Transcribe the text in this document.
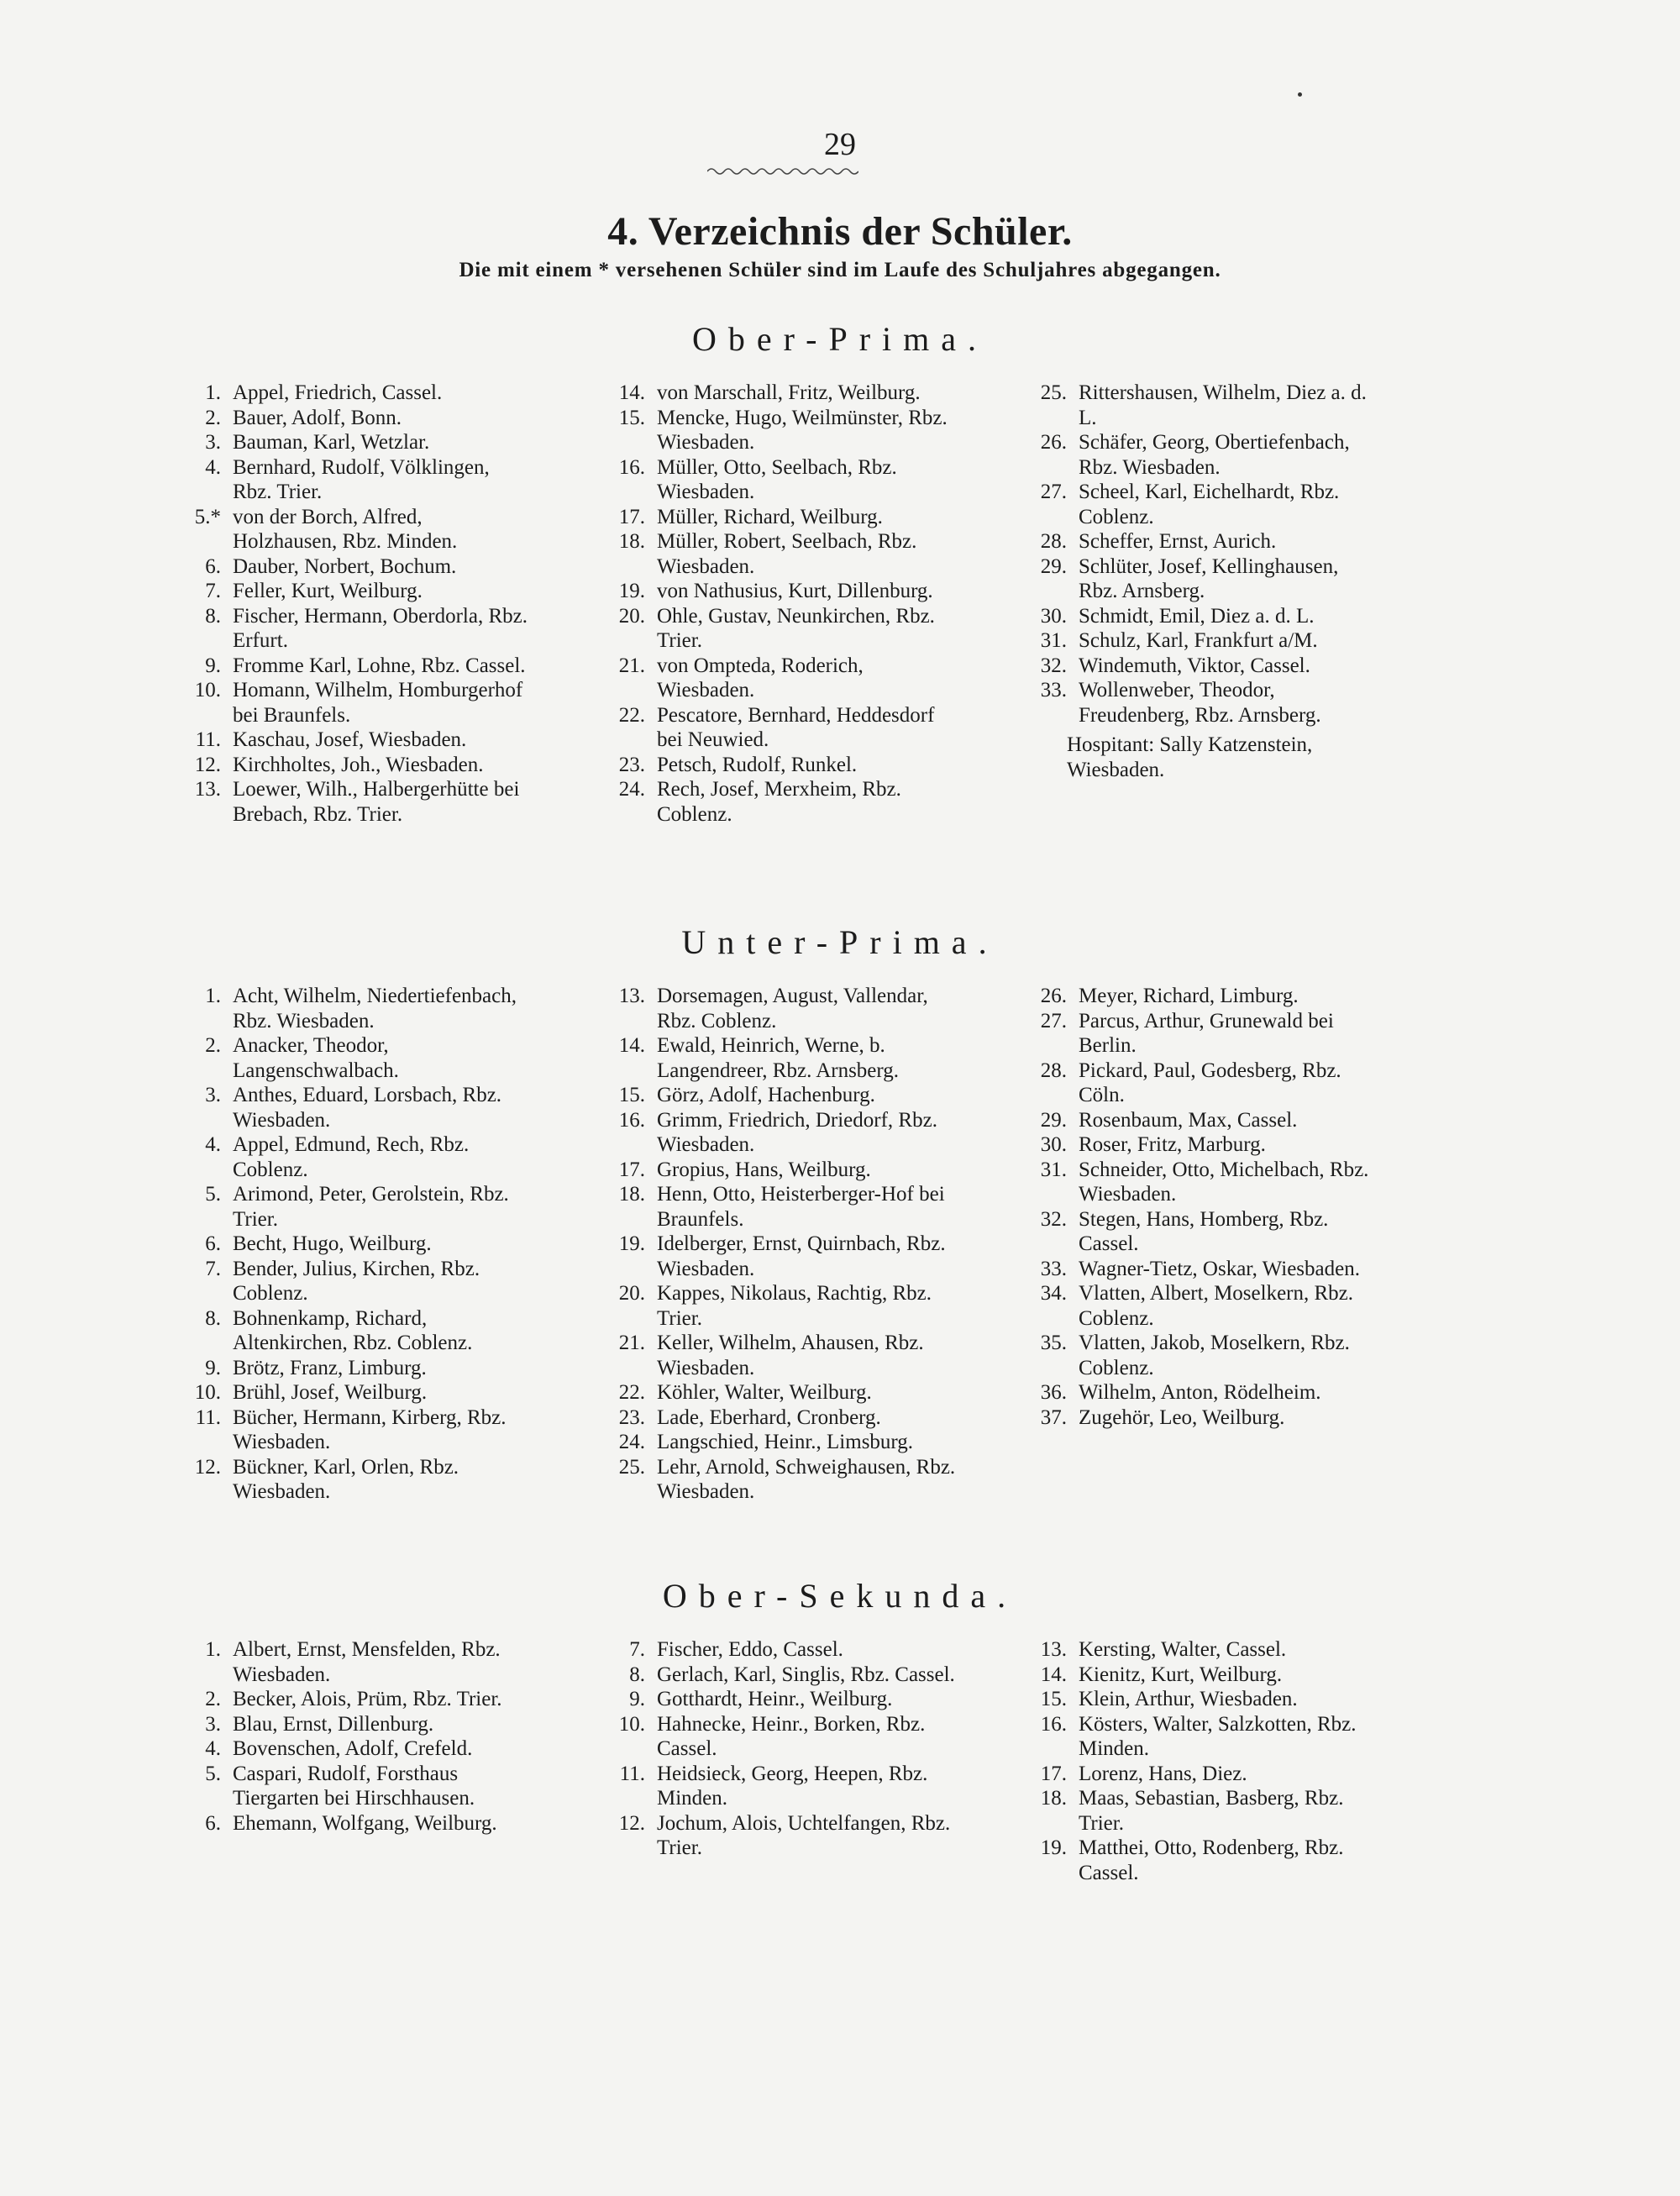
29
4. Verzeichnis der Schüler.
Die mit einem * versehenen Schüler sind im Laufe des Schuljahres abgegangen.
Ober-Prima.
1. Appel, Friedrich, Cassel.
2. Bauer, Adolf, Bonn.
3. Bauman, Karl, Wetzlar.
4. Bernhard, Rudolf, Völklingen, Rbz. Trier.
5.* von der Borch, Alfred, Holzhausen, Rbz. Minden.
6. Dauber, Norbert, Bochum.
7. Feller, Kurt, Weilburg.
8. Fischer, Hermann, Oberdorla, Rbz. Erfurt.
9. Fromme Karl, Lohne, Rbz. Cassel.
10. Homann, Wilhelm, Homburgerhof bei Braunfels.
11. Kaschau, Josef, Wiesbaden.
12. Kirchholtes, Joh., Wiesbaden.
13. Loewer, Wilh., Halbergerhütte bei Brebach, Rbz. Trier.
14. von Marschall, Fritz, Weilburg.
15. Mencke, Hugo, Weilmünster, Rbz. Wiesbaden.
16. Müller, Otto, Seelbach, Rbz. Wiesbaden.
17. Müller, Richard, Weilburg.
18. Müller, Robert, Seelbach, Rbz. Wiesbaden.
19. von Nathusius, Kurt, Dillenburg.
20. Ohle, Gustav, Neunkirchen, Rbz. Trier.
21. von Ompteda, Roderich, Wiesbaden.
22. Pescatore, Bernhard, Heddesdorf bei Neuwied.
23. Petsch, Rudolf, Runkel.
24. Rech, Josef, Merxheim, Rbz. Coblenz.
25. Rittershausen, Wilhelm, Diez a. d. L.
26. Schäfer, Georg, Obertiefenbach, Rbz. Wiesbaden.
27. Scheel, Karl, Eichelhardt, Rbz. Coblenz.
28. Scheffer, Ernst, Aurich.
29. Schlüter, Josef, Kellinghausen, Rbz. Arnsberg.
30. Schmidt, Emil, Diez a. d. L.
31. Schulz, Karl, Frankfurt a/M.
32. Windemuth, Viktor, Cassel.
33. Wollenweber, Theodor, Freudenberg, Rbz. Arnsberg.
Hospitant: Sally Katzenstein, Wiesbaden.
Unter-Prima.
1. Acht, Wilhelm, Niedertiefenbach, Rbz. Wiesbaden.
2. Anacker, Theodor, Langenschwalbach.
3. Anthes, Eduard, Lorsbach, Rbz. Wiesbaden.
4. Appel, Edmund, Rech, Rbz. Coblenz.
5. Arimond, Peter, Gerolstein, Rbz. Trier.
6. Becht, Hugo, Weilburg.
7. Bender, Julius, Kirchen, Rbz. Coblenz.
8. Bohnenkamp, Richard, Altenkirchen, Rbz. Coblenz.
9. Brötz, Franz, Limburg.
10. Brühl, Josef, Weilburg.
11. Bücher, Hermann, Kirberg, Rbz. Wiesbaden.
12. Bückner, Karl, Orlen, Rbz. Wiesbaden.
13. Dorsemagen, August, Vallendar, Rbz. Coblenz.
14. Ewald, Heinrich, Werne, b. Langendreer, Rbz. Arnsberg.
15. Görz, Adolf, Hachenburg.
16. Grimm, Friedrich, Driedorf, Rbz. Wiesbaden.
17. Gropius, Hans, Weilburg.
18. Henn, Otto, Heisterberger-Hof bei Braunfels.
19. Idelberger, Ernst, Quirnbach, Rbz. Wiesbaden.
20. Kappes, Nikolaus, Rachtig, Rbz. Trier.
21. Keller, Wilhelm, Ahausen, Rbz. Wiesbaden.
22. Köhler, Walter, Weilburg.
23. Lade, Eberhard, Cronberg.
24. Langschied, Heinr., Limsburg.
25. Lehr, Arnold, Schweighausen, Rbz. Wiesbaden.
26. Meyer, Richard, Limburg.
27. Parcus, Arthur, Grunewald bei Berlin.
28. Pickard, Paul, Godesberg, Rbz. Cöln.
29. Rosenbaum, Max, Cassel.
30. Roser, Fritz, Marburg.
31. Schneider, Otto, Michelbach, Rbz. Wiesbaden.
32. Stegen, Hans, Homberg, Rbz. Cassel.
33. Wagner-Tietz, Oskar, Wiesbaden.
34. Vlatten, Albert, Moselkern, Rbz. Coblenz.
35. Vlatten, Jakob, Moselkern, Rbz. Coblenz.
36. Wilhelm, Anton, Rödelheim.
37. Zugehör, Leo, Weilburg.
Ober-Sekunda.
1. Albert, Ernst, Mensfelden, Rbz. Wiesbaden.
2. Becker, Alois, Prüm, Rbz. Trier.
3. Blau, Ernst, Dillenburg.
4. Bovenschen, Adolf, Crefeld.
5. Caspari, Rudolf, Forsthaus Tiergarten bei Hirschhausen.
6. Ehemann, Wolfgang, Weilburg.
7. Fischer, Eddo, Cassel.
8. Gerlach, Karl, Singlis, Rbz. Cassel.
9. Gotthardt, Heinr., Weilburg.
10. Hahnecke, Heinr., Borken, Rbz. Cassel.
11. Heidsieck, Georg, Heepen, Rbz. Minden.
12. Jochum, Alois, Uchtelfangen, Rbz. Trier.
13. Kersting, Walter, Cassel.
14. Kienitz, Kurt, Weilburg.
15. Klein, Arthur, Wiesbaden.
16. Kösters, Walter, Salzkotten, Rbz. Minden.
17. Lorenz, Hans, Diez.
18. Maas, Sebastian, Basberg, Rbz. Trier.
19. Matthei, Otto, Rodenberg, Rbz. Cassel.
